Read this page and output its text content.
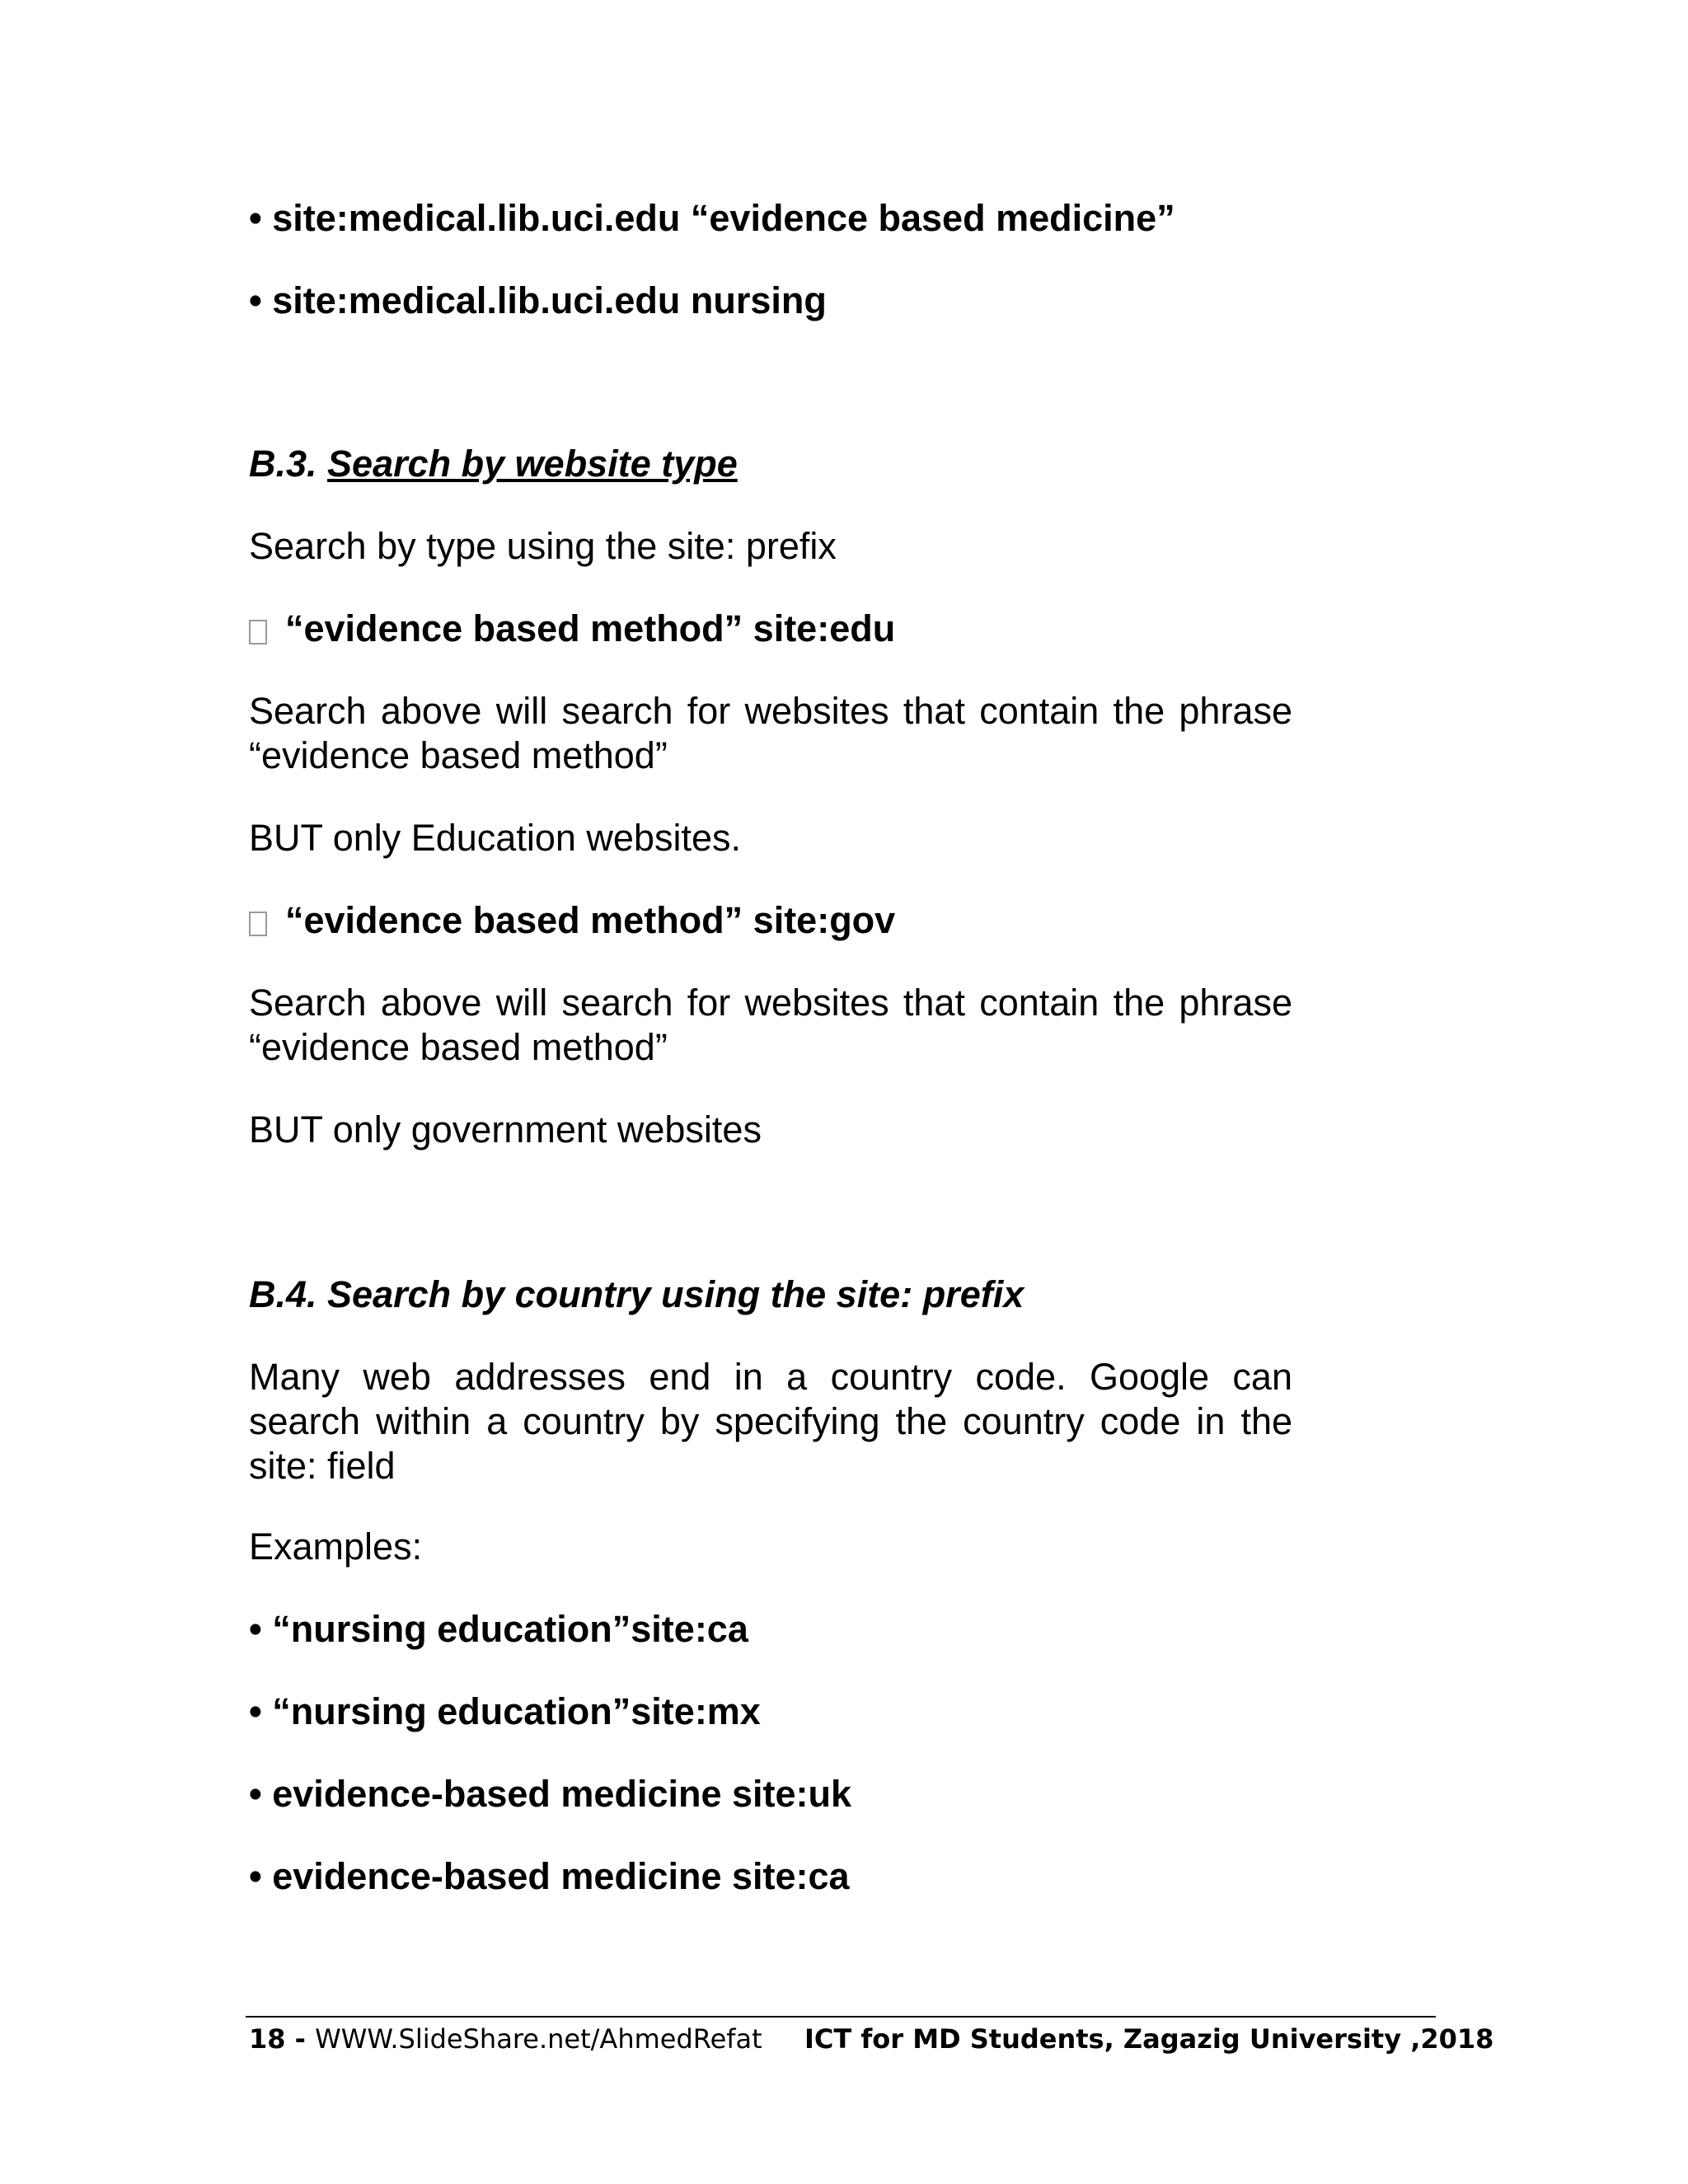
• site:medical.lib.uci.edu “evidence based medicine”
• site:medical.lib.uci.edu nursing
B.3. Search by website type
Search by type using the site: prefix
“evidence based method” site:edu
Search above will search for websites that contain the phrase “evidence based method”
BUT only Education websites.
“evidence based method” site:gov
Search above will search for websites that contain the phrase “evidence based method”
BUT only government websites
B.4. Search by country using the site: prefix
Many web addresses end in a country code. Google can search within a country by specifying the country code in the site: field
Examples:
• “nursing education”site:ca
• “nursing education”site:mx
• evidence-based medicine site:uk
• evidence-based medicine site:ca
18 - WWW.SlideShare.net/AhmedRefat ICT for MD Students, Zagazig University ,2018
